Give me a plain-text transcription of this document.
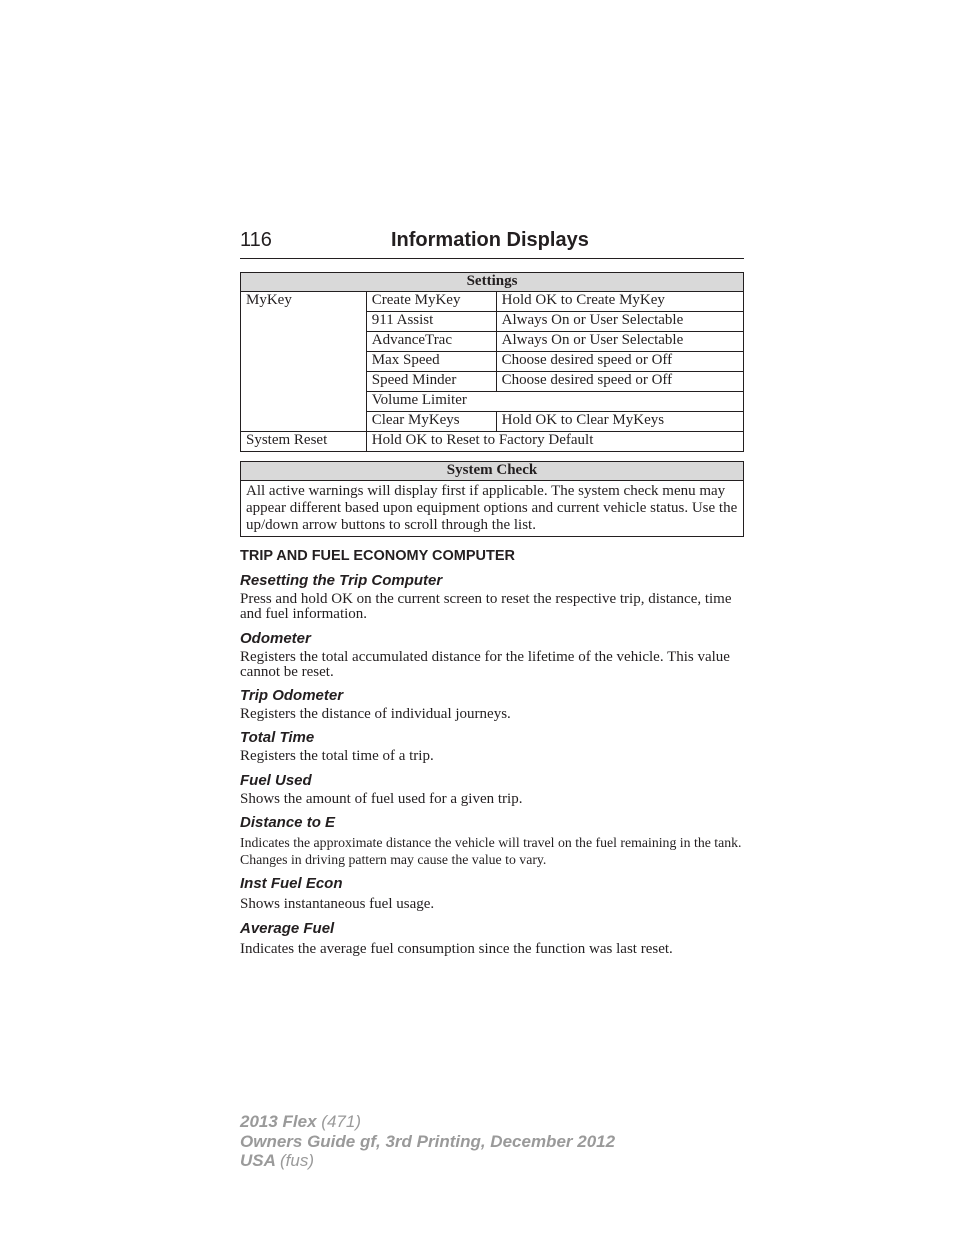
116	Information Displays
Settings		
MyKey	Create MyKey	Hold OK to Create MyKey
	911 Assist	Always On or User Selectable
	AdvanceTrac	Always On or User Selectable
	Max Speed	Choose desired speed or Off
	Speed Minder	Choose desired speed or Off
	Volume Limiter	
	Clear MyKeys	Hold OK to Clear MyKeys
System Reset	Hold OK to Reset to Factory Default	
System Check
All active warnings will display first if applicable. The system check menu may appear different based upon equipment options and current vehicle status. Use the up/down arrow buttons to scroll through the list.
TRIP AND FUEL ECONOMY COMPUTER
Resetting the Trip Computer
Press and hold OK on the current screen to reset the respective trip, distance, time and fuel information.
Odometer
Registers the total accumulated distance for the lifetime of the vehicle. This value cannot be reset.
Trip Odometer
Registers the distance of individual journeys.
Total Time
Registers the total time of a trip.
Fuel Used
Shows the amount of fuel used for a given trip.
Distance to E
Indicates the approximate distance the vehicle will travel on the fuel remaining in the tank. Changes in driving pattern may cause the value to vary.
Inst Fuel Econ
Shows instantaneous fuel usage.
Average Fuel
Indicates the average fuel consumption since the function was last reset.
2013 Flex (471)
Owners Guide gf, 3rd Printing, December 2012
USA (fus)
